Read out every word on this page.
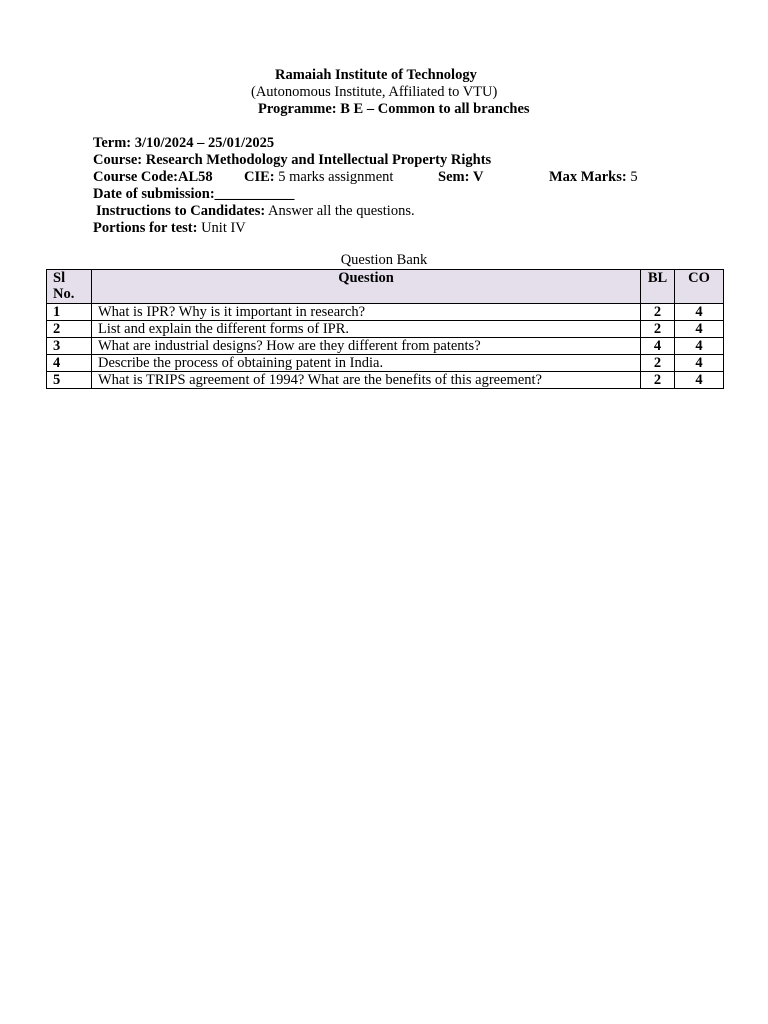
Ramaiah Institute of Technology
(Autonomous Institute, Affiliated to VTU)
Programme: B E – Common to all branches
Term: 3/10/2024 – 25/01/2025
Course: Research Methodology and Intellectual Property Rights
Course Code:AL58 CIE: 5 marks assignment	Sem: V	Max Marks: 5
Date of submission:___________
Instructions to Candidates: Answer all the questions.
Portions for test: Unit IV
Question Bank
Sl
No.	Question	BL	CO
1	What is IPR? Why is it important in research?	2	4
2	List and explain the different forms of IPR.	2	4
3	What are industrial designs? How are they different from patents?	4	4
4	Describe the process of obtaining patent in India.	2	4
5	What is TRIPS agreement of 1994? What are the benefits of this agreement?	2	4
